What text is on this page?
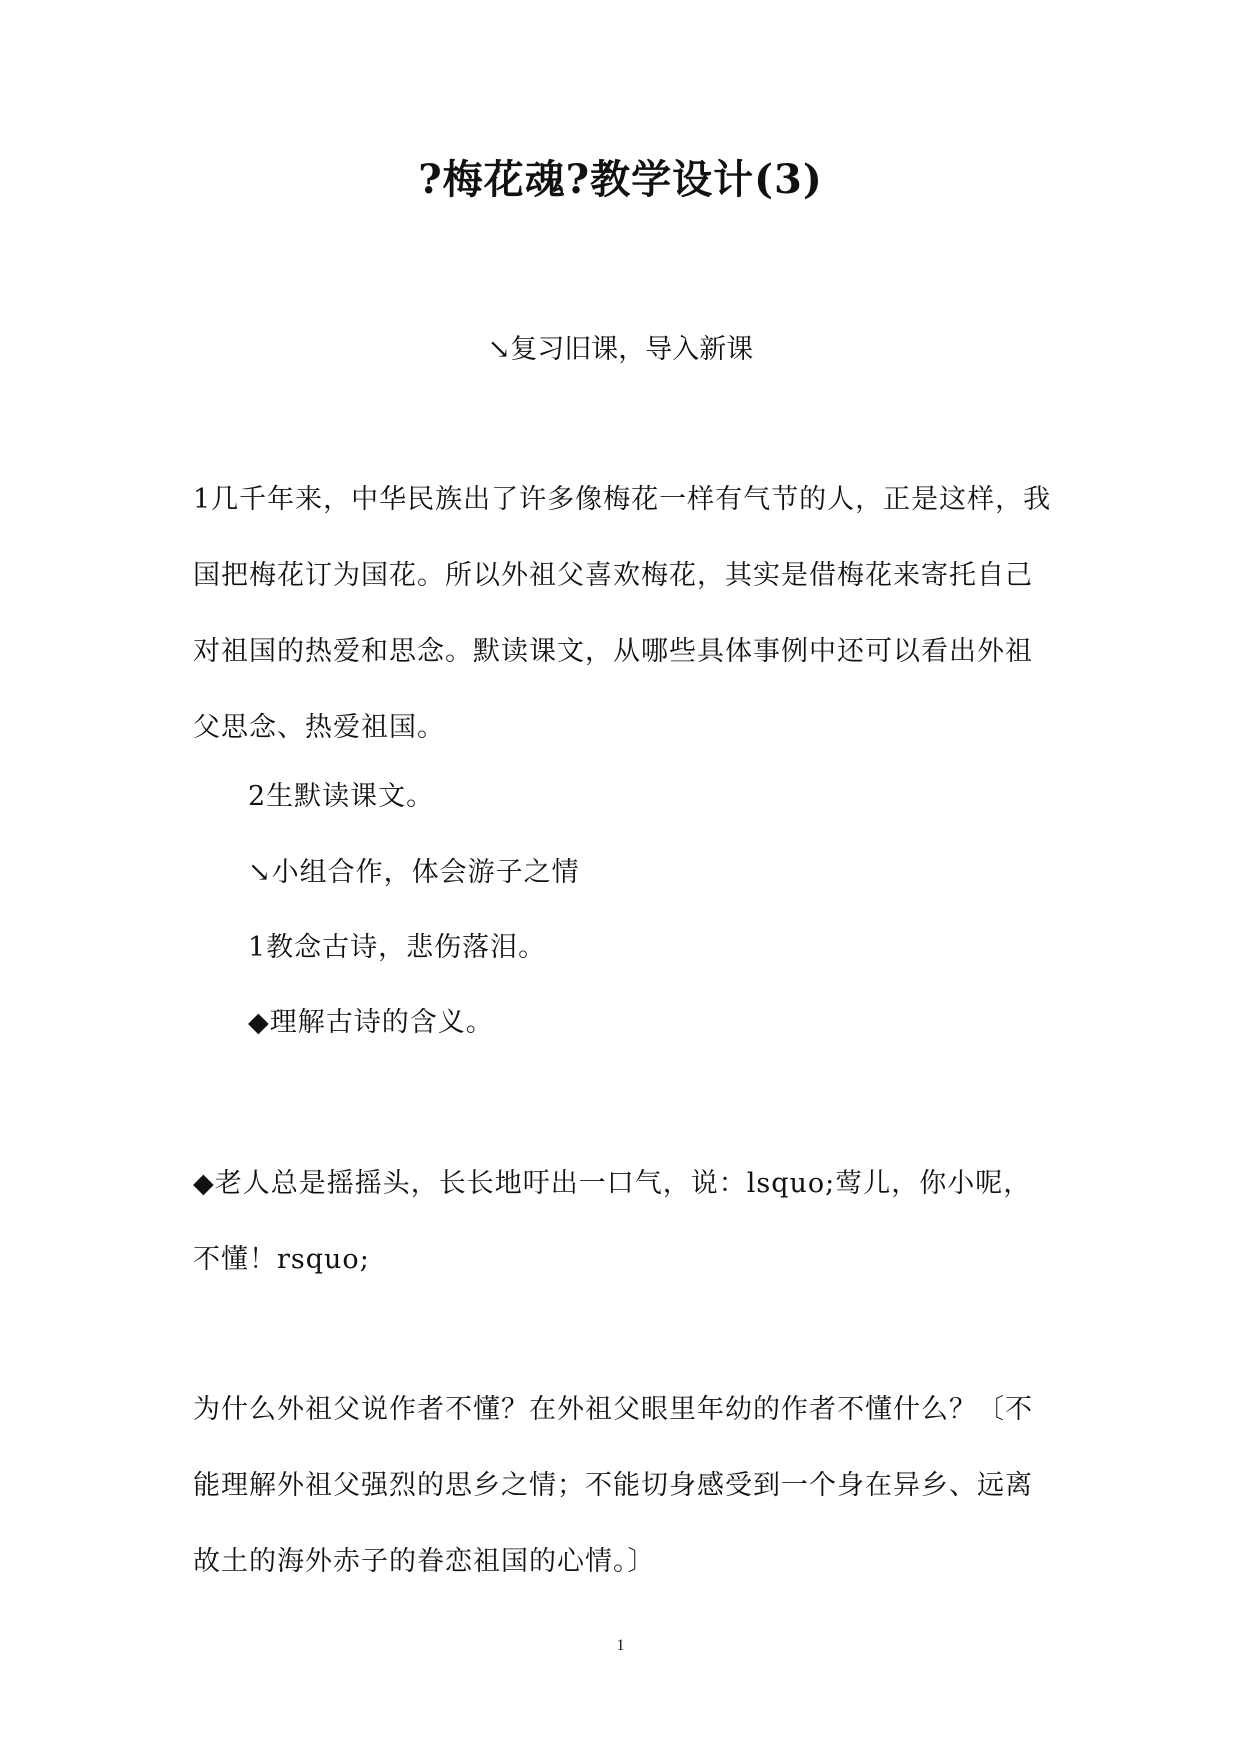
?梅花魂?教学设计(3)
↘复习旧课，导入新课
1几千年来，中华民族出了许多像梅花一样有气节的人，正是这样，我国把梅花订为国花。所以外祖父喜欢梅花，其实是借梅花来寄托自己对祖国的热爱和思念。默读课文，从哪些具体事例中还可以看出外祖父思念、热爱祖国。
2生默读课文。
↘小组合作，体会游子之情
1教念古诗，悲伤落泪。
◆理解古诗的含义。
◆老人总是摇摇头，长长地吁出一口气，说：lsquo;莺儿，你小呢，不懂！rsquo;
为什么外祖父说作者不懂？在外祖父眼里年幼的作者不懂什么？〔不能理解外祖父强烈的思乡之情；不能切身感受到一个身在异乡、远离故土的海外赤子的眷恋祖国的心情。〕
1
